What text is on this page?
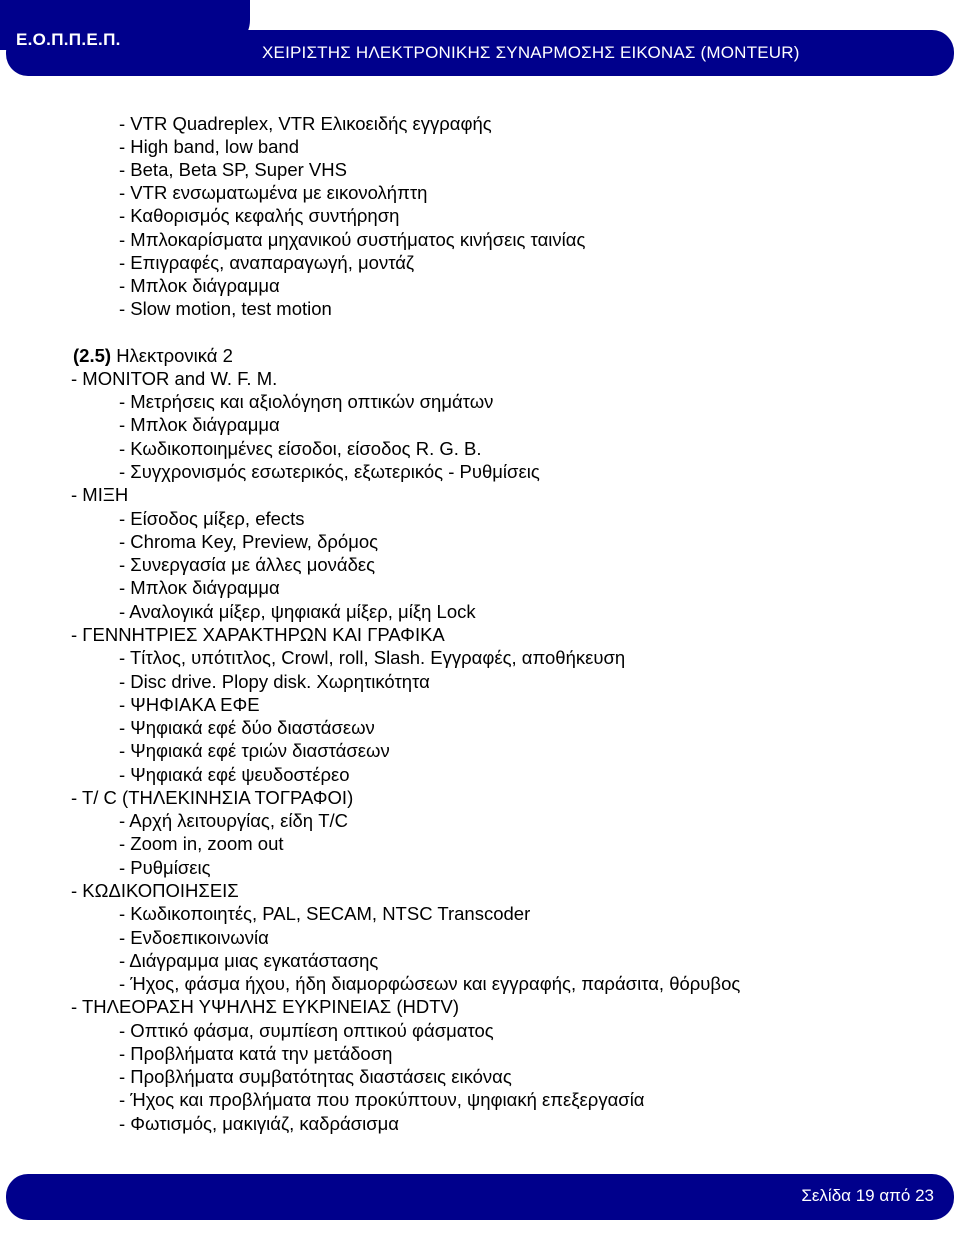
Ε.Ο.Π.Π.Ε.Π.
ΧΕΙΡΙΣΤΗΣ ΗΛΕΚΤΡΟΝΙΚΗΣ ΣΥΝΑΡΜΟΣΗΣ ΕΙΚΟΝΑΣ (MONTEUR)
- VTR Quadreplex, VTR Ελικοειδής εγγραφής
- High band, low band
- Beta, Beta SP, Super VHS
- VTR ενσωματωμένα με εικονολήπτη
- Καθορισμός κεφαλής συντήρηση
- Μπλοκαρίσματα μηχανικού συστήματος κινήσεις ταινίας
- Επιγραφές, αναπαραγωγή, μοντάζ
- Μπλοκ διάγραμμα
- Slow motion, test motion
(2.5) Ηλεκτρονικά 2
- MONITOR and W. F. M.
- Μετρήσεις και αξιολόγηση οπτικών σημάτων
- Μπλοκ διάγραμμα
- Κωδικοποιημένες είσοδοι, είσοδος R. G. B.
- Συγχρονισμός εσωτερικός, εξωτερικός - Ρυθμίσεις
- ΜΙΞΗ
- Είσοδος μίξερ, efects
- Chroma Key, Preview, δρόμος
- Συνεργασία με άλλες μονάδες
- Μπλοκ διάγραμμα
- Αναλογικά μίξερ, ψηφιακά μίξερ, μίξη Lock
- ΓΕΝΝΗΤΡΙΕΣ ΧΑΡΑΚΤΗΡΩΝ ΚΑΙ ΓΡΑΦΙΚΑ
- Τίτλος, υπότιτλος, Crowl, roll, Slash. Εγγραφές, αποθήκευση
- Disc drive. Plopy disk. Χωρητικότητα
- ΨΗΦΙΑΚΑ ΕΦΕ
- Ψηφιακά εφέ δύο διαστάσεων
- Ψηφιακά εφέ τριών διαστάσεων
- Ψηφιακά εφέ ψευδοστέρεο
- T/ C (ΤΗΛΕΚΙΝΗΣΙΑ ΤΟΓΡΑΦΟΙ)
- Αρχή λειτουργίας, είδη T/C
- Zoom in, zoom out
- Ρυθμίσεις
- ΚΩΔΙΚΟΠΟΙΗΣΕΙΣ
- Κωδικοποιητές, PAL, SECAM, NTSC Transcoder
- Ενδοεπικοινωνία
- Διάγραμμα μιας εγκατάστασης
- Ήχος, φάσμα ήχου, ήδη διαμορφώσεων και εγγραφής, παράσιτα, θόρυβος
- ΤΗΛΕΟΡΑΣΗ ΥΨΗΛΗΣ ΕΥΚΡΙΝΕΙΑΣ (HDTV)
- Οπτικό φάσμα, συμπίεση οπτικού φάσματος
- Προβλήματα κατά την μετάδοση
- Προβλήματα συμβατότητας διαστάσεις εικόνας
- Ήχος και προβλήματα που προκύπτουν, ψηφιακή επεξεργασία
- Φωτισμός, μακιγιάζ, καδράσισμα
Σελίδα 19 από 23
